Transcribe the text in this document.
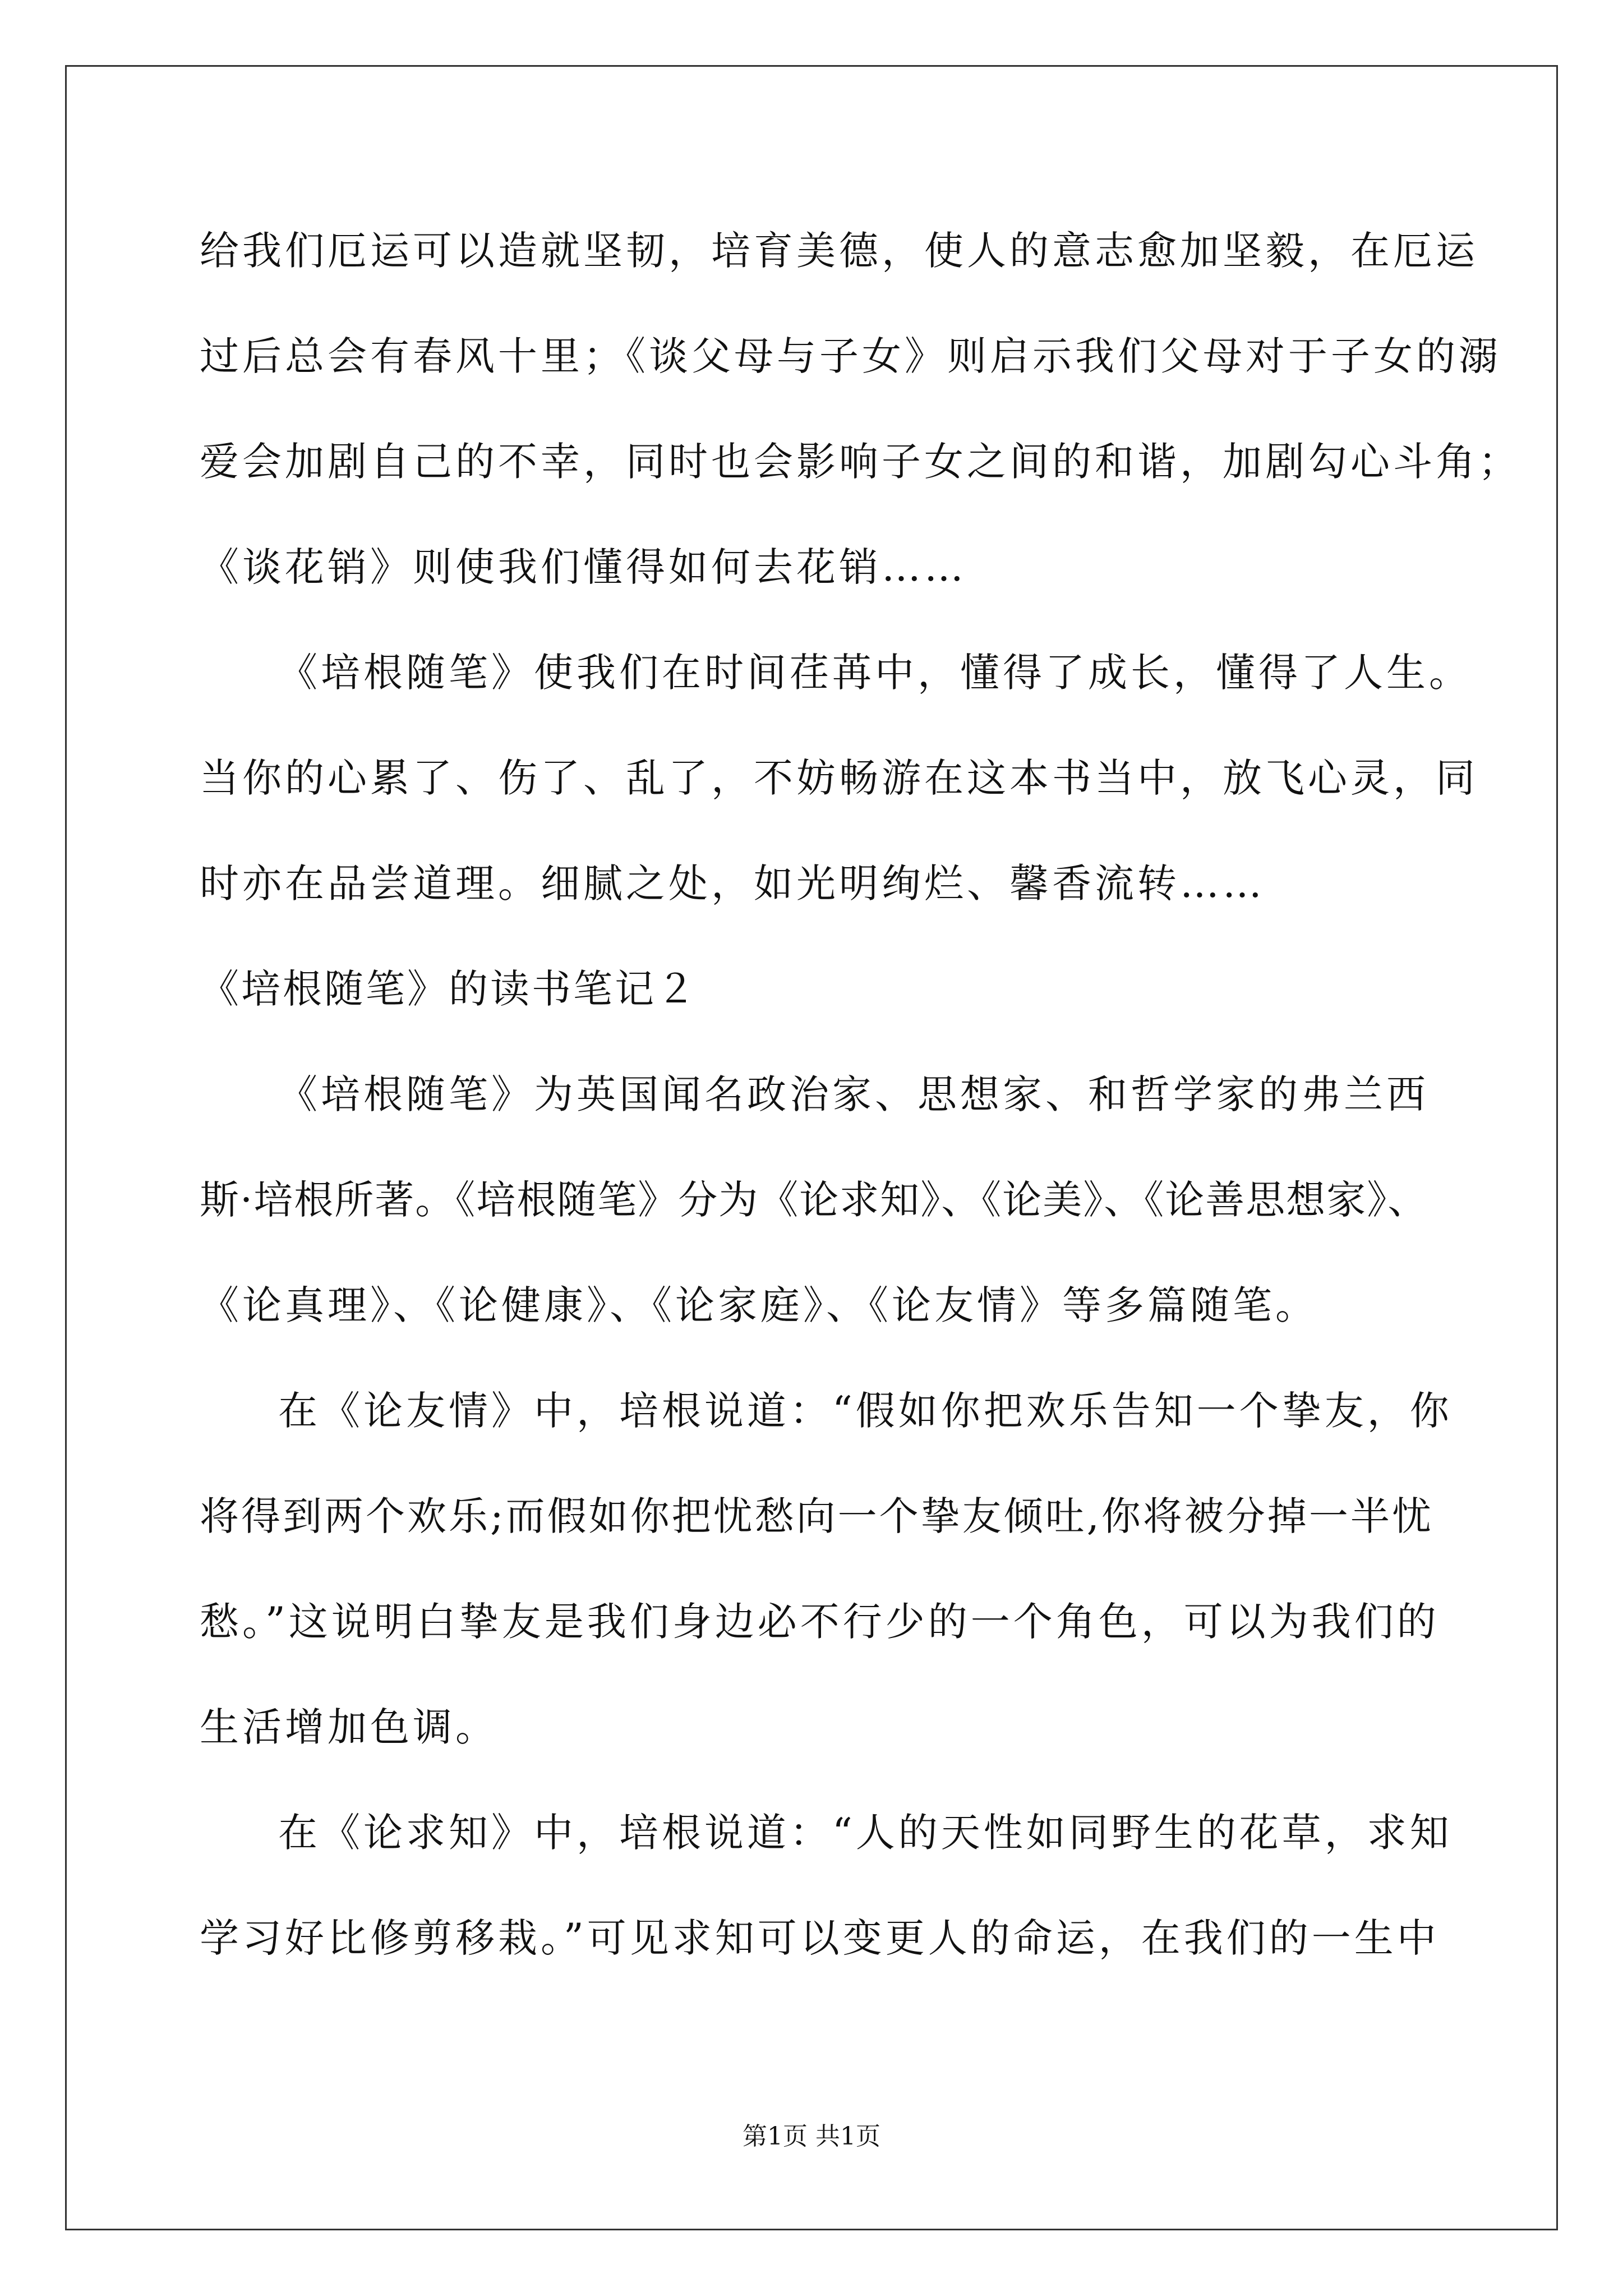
给我们厄运可以造就坚韧，培育美德，使人的意志愈加坚毅，在厄运
过后总会有春风十里；《谈父母与子女》则启示我们父母对于子女的溺
爱会加剧自己的不幸，同时也会影响子女之间的和谐，加剧勾心斗角；
《谈花销》则使我们懂得如何去花销……
《培根随笔》使我们在时间荏苒中，懂得了成长，懂得了人生。
当你的心累了、伤了、乱了，不妨畅游在这本书当中，放飞心灵，同
时亦在品尝道理。细腻之处，如光明绚烂、馨香流转……
《培根随笔》的读书笔记２
《培根随笔》为英国闻名政治家、思想家、和哲学家的弗兰西
斯·培根所著。《培根随笔》分为《论求知》、《论美》、《论善思想家》、
《论真理》、《论健康》、《论家庭》、《论友情》等多篇随笔。
在《论友情》中，培根说道：“假如你把欢乐告知一个挚友，你
将得到两个欢乐;而假如你把忧愁向一个挚友倾吐,你将被分掉一半忧
愁。”这说明白挚友是我们身边必不行少的一个角色，可以为我们的
生活增加色调。
在《论求知》中，培根说道：“人的天性如同野生的花草，求知
学习好比修剪移栽。”可见求知可以变更人的命运，在我们的一生中
第1页 共1页
